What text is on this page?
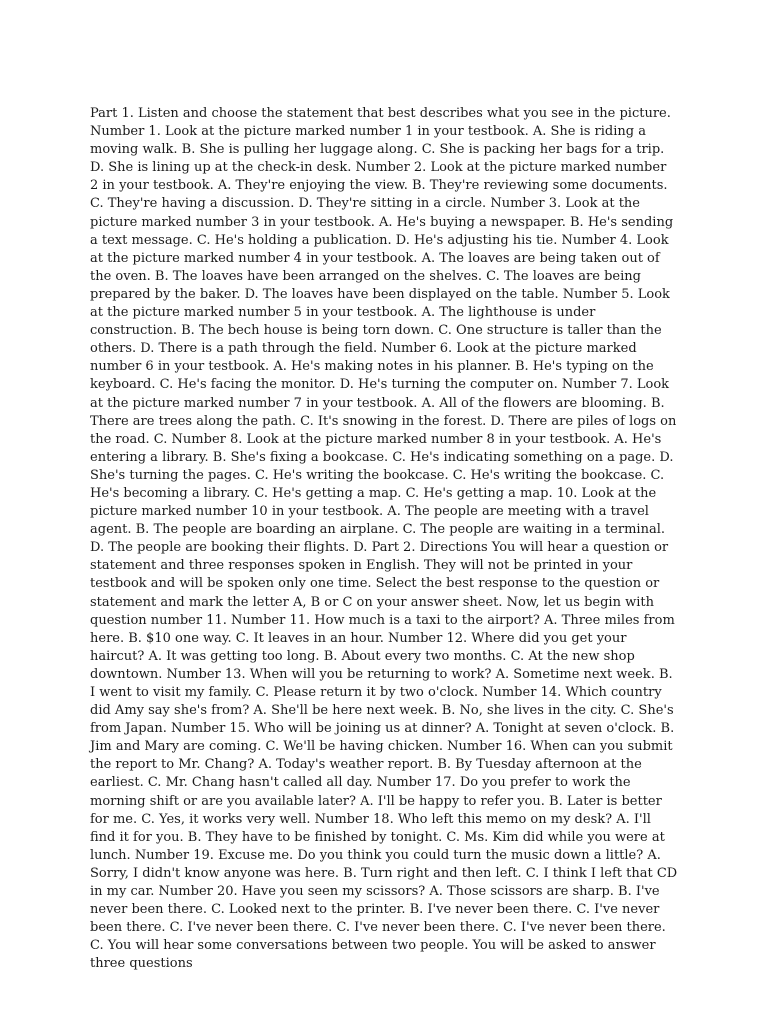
Part 1. Listen and choose the statement that best describes what you see in the picture. Number 1. Look at the picture marked number 1 in your testbook. A. She is riding a moving walk. B. She is pulling her luggage along. C. She is packing her bags for a trip. D. She is lining up at the check-in desk. Number 2. Look at the picture marked number 2 in your testbook. A. They're enjoying the view. B. They're reviewing some documents. C. They're having a discussion. D. They're sitting in a circle. Number 3. Look at the picture marked number 3 in your testbook. A. He's buying a newspaper. B. He's sending a text message. C. He's holding a publication. D. He's adjusting his tie. Number 4. Look at the picture marked number 4 in your testbook. A. The loaves are being taken out of the oven. B. The loaves have been arranged on the shelves. C. The loaves are being prepared by the baker. D. The loaves have been displayed on the table. Number 5. Look at the picture marked number 5 in your testbook. A. The lighthouse is under construction. B. The bech house is being torn down. C. One structure is taller than the others. D. There is a path through the field. Number 6. Look at the picture marked number 6 in your testbook. A. He's making notes in his planner. B. He's typing on the keyboard. C. He's facing the monitor. D. He's turning the computer on. Number 7. Look at the picture marked number 7 in your testbook. A. All of the flowers are blooming. B. There are trees along the path. C. It's snowing in the forest. D. There are piles of logs on the road. C. Number 8. Look at the picture marked number 8 in your testbook. A. He's entering a library. B. She's fixing a bookcase. C. He's indicating something on a page. D. She's turning the pages. C. He's writing the bookcase. C. He's writing the bookcase. C. He's becoming a library. C. He's getting a map. C. He's getting a map. 10. Look at the picture marked number 10 in your testbook. A. The people are meeting with a travel agent. B. The people are boarding an airplane. C. The people are waiting in a terminal. D. The people are booking their flights. D. Part 2. Directions You will hear a question or statement and three responses spoken in English. They will not be printed in your testbook and will be spoken only one time. Select the best response to the question or statement and mark the letter A, B or C on your answer sheet. Now, let us begin with question number 11. Number 11. How much is a taxi to the airport? A. Three miles from here. B. $10 one way. C. It leaves in an hour. Number 12. Where did you get your haircut? A. It was getting too long. B. About every two months. C. At the new shop downtown. Number 13. When will you be returning to work? A. Sometime next week. B. I went to visit my family. C. Please return it by two o'clock. Number 14. Which country did Amy say she's from? A. She'll be here next week. B. No, she lives in the city. C. She's from Japan. Number 15. Who will be joining us at dinner? A. Tonight at seven o'clock. B. Jim and Mary are coming. C. We'll be having chicken. Number 16. When can you submit the report to Mr. Chang? A. Today's weather report. B. By Tuesday afternoon at the earliest. C. Mr. Chang hasn't called all day. Number 17. Do you prefer to work the morning shift or are you available later? A. I'll be happy to refer you. B. Later is better for me. C. Yes, it works very well. Number 18. Who left this memo on my desk? A. I'll find it for you. B. They have to be finished by tonight. C. Ms. Kim did while you were at lunch. Number 19. Excuse me. Do you think you could turn the music down a little? A. Sorry, I didn't know anyone was here. B. Turn right and then left. C. I think I left that CD in my car. Number 20. Have you seen my scissors? A. Those scissors are sharp. B. I've never been there. C. Looked next to the printer. B. I've never been there. C. I've never been there. C. I've never been there. C. I've never been there. C. I've never been there. C. You will hear some conversations between two people. You will be asked to answer three questions
